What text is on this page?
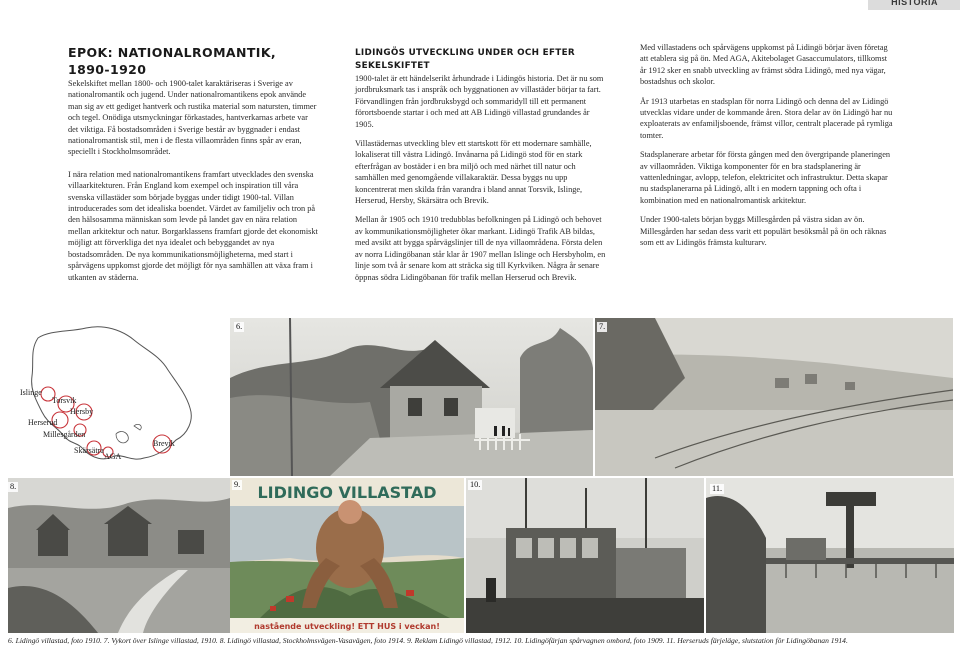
HISTORIA
EPOK: NATIONALROMANTIK,
1890-1920

Sekelskiftet mellan 1800- och 1900-talet karaktäriseras i Sverige av nationalromantik och jugend. Under nationalromantikens epok använde man sig av ett gediget hantverk och rustika material som natursten, timmer och tegel. Onödiga utsmyckningar förkastades, hantverkarnas arbete var det viktiga. Få bostadsområden i Sverige består av byggnader i endast nationalromantisk stil, men i de flesta villaområden finns spår av eran, speciellt i Stockholmsområdet.

I nära relation med nationalromantikens framfart utvecklades den svenska villaarkitekturen. Från England kom exempel och inspiration till våra svenska villastäder som började byggas under tidigt 1900-tal. Villan introducerades som det idealiska boendet. Värdet av familjeliv och tron på den hälsosamma människan som levde på landet gav en nära relation mellan arkitektur och natur. Borgarklassens framfart gjorde det ekonomiskt möjligt att förverkliga det nya idealet och bebyggandet av nya bostadsområden. De nya kommunikationsmöjligheterna, med start i spårvägens uppkomst gjorde det möjligt för nya samhällen att växa fram i utkanten av städerna.

LIDINGÖS UTVECKLING UNDER OCH EFTER
SEKELSKIFTET

1900-talet är ett händelserikt århundrade i Lidingös historia. Det är nu som jordbruksmark tas i anspråk och byggnationen av villastäder börjar ta fart. Förvandlingen från jordbruksbygd och sommaridyll till ett permanent förortsboende startar i och med att AB Lidingö villastad grundandes år 1905.

Villastädernas utveckling blev ett startskott för ett modernare samhälle, lokaliserat till västra Lidingö. Invånarna på Lidingö stod för en stark efterfrågan av bostäder i en bra miljö och med närhet till natur och samhällen med genomgående villakaraktär. Dessa byggs nu upp koncentrerat men skilda från varandra i bland annat Torsvik, Islinge, Herserud, Hersby, Skärsätra och Brevik.

Mellan år 1905 och 1910 tredubblas befolkningen på Lidingö och behovet av kommunikationsmöjligheter ökar markant. Lidingö Trafik AB bildas, med avsikt att bygga spårvägslinjer till de nya villaområdena. Första delen av norra Lidingöbanan står klar år 1907 mellan Islinge och Hersbyholm, en linje som två år senare kom att sträcka sig till Kyrkviken. Några år senare öppnas södra Lidingöbanan för trafik mellan Herserud och Brevik.

Med villastadens och spårvägens uppkomst på Lidingö börjar även företag att etablera sig på ön. Med AGA, Akitebolaget Gasaccumulators, tillkomst år 1912 sker en snabb utveckling av främst södra Lidingö, med nya vägar, bostadshus och skolor.

År 1913 utarbetas en stadsplan för norra Lidingö och denna del av Lidingö utvecklas vidare under de kommande åren. Stora delar av ön Lidingö har nu exploaterats av enfamiljsboende, främst villor, centralt placerade på rymliga tomter.

Stadsplanerare arbetar för första gången med den övergripande planeringen av villaområden. Viktiga komponenter för en bra stadsplanering är vattenledningar, avlopp, telefon, elektricitet och infrastruktur. Detta skapar nu stadsplanerarna på Lidingö, allt i en modern tappning och ofta i kombination med en nationalromantisk arkitektur.

Under 1900-talets början byggs Millesgården på västra sidan av ön. Millesgården har sedan dess varit ett populärt besöksmål på ön och räknas som ett av Lidingös främsta kulturarv.

Islinge
Torsvik
Hersby
Herserud
Millesgården
Brevik
Skärsätra
AGA
6.	7.
8.	LIDINGO VILLASTAD
nastående utveckling! ETT HUS i veckan!
9.	10.	11.
6. Lidingö villastad, foto 1910. 7. Vykort över Islinge villastad, 1910. 8. Lidingö villastad, Stockholmsvägen-Vasavägen, foto 1914. 9. Reklam Lidingö villastad, 1912. 10. Lidingöfärjan spårvagnen ombord, foto 1909. 11. Herseruds färjeläge, slutstation för Lidingöbanan 1914.
